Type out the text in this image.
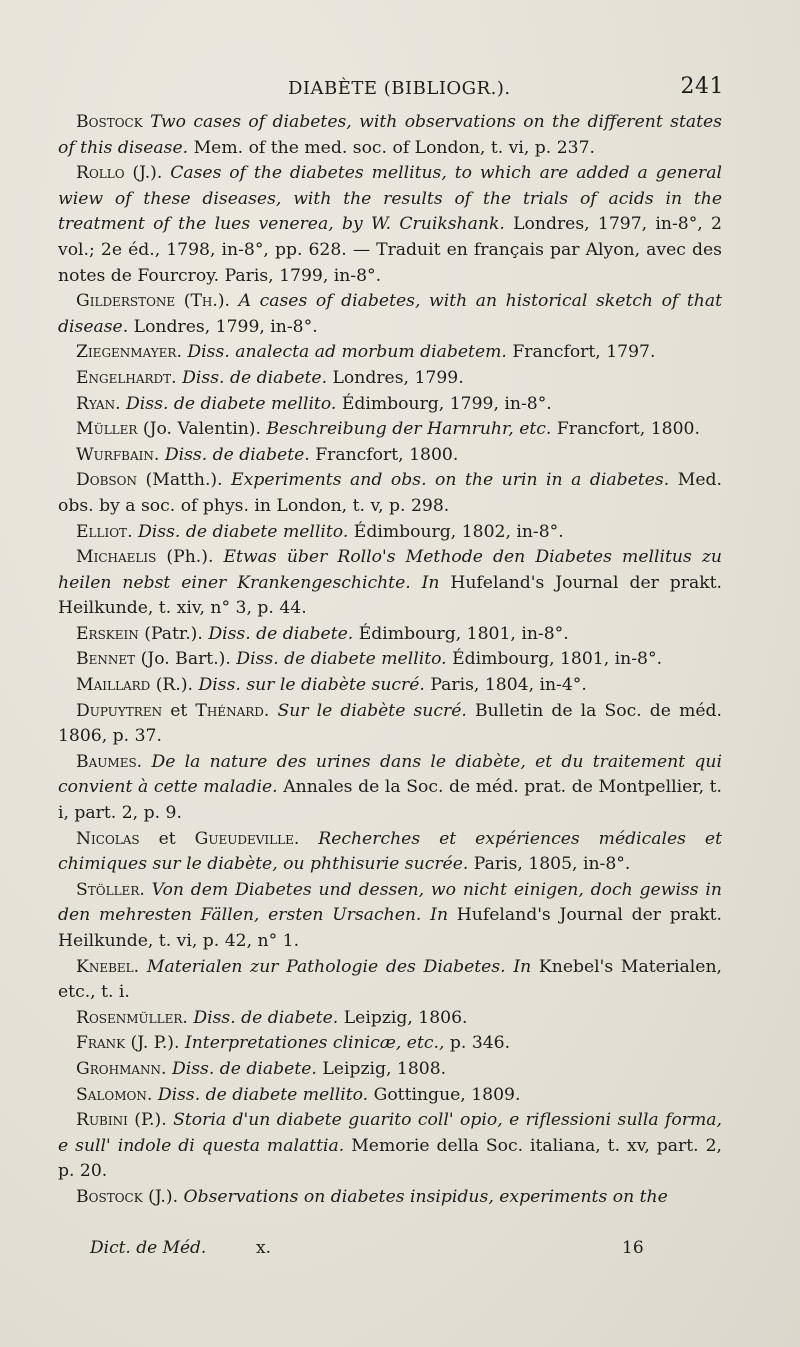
DIABÈTE (BIBLIOGR.).	241

Bostock Two cases of diabetes, with observations on the different states of this disease. Mem. of the med. soc. of London, t. vi, p. 237.

Rollo (J.). Cases of the diabetes mellitus, to which are added a general wiew of these diseases, with the results of the trials of acids in the treatment of the lues venerea, by W. Cruikshank. Londres, 1797, in-8°, 2 vol.; 2e éd., 1798, in-8°, pp. 628. — Traduit en français par Alyon, avec des notes de Fourcroy. Paris, 1799, in-8°.

Gilderstone (Th.). A cases of diabetes, with an historical sketch of that disease. Londres, 1799, in-8°.

Ziegenmayer. Diss. analecta ad morbum diabetem. Francfort, 1797.

Engelhardt. Diss. de diabete. Londres, 1799.

Ryan. Diss. de diabete mellito. Édimbourg, 1799, in-8°.

Müller (Jo. Valentin). Beschreibung der Harnruhr, etc. Francfort, 1800.

Wurfbain. Diss. de diabete. Francfort, 1800.

Dobson (Matth.). Experiments and obs. on the urin in a diabetes. Med. obs. by a soc. of phys. in London, t. v, p. 298.

Elliot. Diss. de diabete mellito. Édimbourg, 1802, in-8°.

Michaelis (Ph.). Etwas über Rollo's Methode den Diabetes mellitus zu heilen nebst einer Krankengeschichte. In Hufeland's Journal der prakt. Heilkunde, t. xiv, n° 3, p. 44.

Erskein (Patr.). Diss. de diabete. Édimbourg, 1801, in-8°.

Bennet (Jo. Bart.). Diss. de diabete mellito. Édimbourg, 1801, in-8°.

Maillard (R.). Diss. sur le diabète sucré. Paris, 1804, in-4°.

Dupuytren et Thénard. Sur le diabète sucré. Bulletin de la Soc. de méd. 1806, p. 37.

Baumes. De la nature des urines dans le diabète, et du traitement qui convient à cette maladie. Annales de la Soc. de méd. prat. de Montpellier, t. i, part. 2, p. 9.

Nicolas et Gueudeville. Recherches et expériences médicales et chimiques sur le diabète, ou phthisurie sucrée. Paris, 1805, in-8°.

Stöller. Von dem Diabetes und dessen, wo nicht einigen, doch gewiss in den mehresten Fällen, ersten Ursachen. In Hufeland's Journal der prakt. Heilkunde, t. vi, p. 42, n° 1.

Knebel. Materialen zur Pathologie des Diabetes. In Knebel's Materialen, etc., t. i.

Rosenmüller. Diss. de diabete. Leipzig, 1806.

Frank (J. P.). Interpretationes clinicæ, etc., p. 346.

Grohmann. Diss. de diabete. Leipzig, 1808.

Salomon. Diss. de diabete mellito. Gottingue, 1809.

Rubini (P.). Storia d'un diabete guarito coll' opio, e riflessioni sulla forma, e sull' indole di questa malattia. Memorie della Soc. italiana, t. xv, part. 2, p. 20.

Bostock (J.). Observations on diabetes insipidus, experiments on the

Dict. de Méd.	x.	16
